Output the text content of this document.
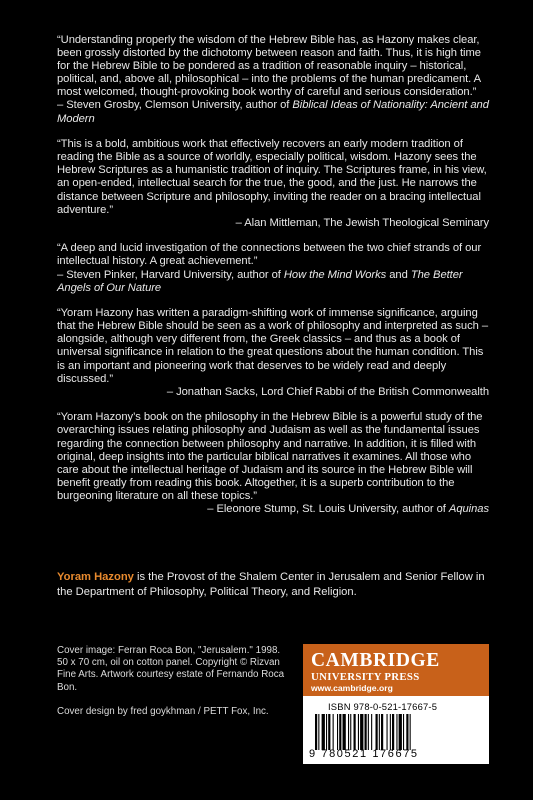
“Understanding properly the wisdom of the Hebrew Bible has, as Hazony makes clear, been grossly distorted by the dichotomy between reason and faith. Thus, it is high time for the Hebrew Bible to be pondered as a tradition of reasonable inquiry – historical, political, and, above all, philosophical – into the problems of the human predicament. A most welcomed, thought-provoking book worthy of careful and serious consideration.”

– Steven Grosby, Clemson University, author of Biblical Ideas of Nationality: Ancient and Modern

“This is a bold, ambitious work that effectively recovers an early modern tradition of reading the Bible as a source of worldly, especially political, wisdom. Hazony sees the Hebrew Scriptures as a humanistic tradition of inquiry. The Scriptures frame, in his view, an open-ended, intellectual search for the true, the good, and the just. He narrows the distance between Scripture and philosophy, inviting the reader on a bracing intellectual adventure.”

– Alan Mittleman, The Jewish Theological Seminary

“A deep and lucid investigation of the connections between the two chief strands of our intellectual history. A great achievement.”

– Steven Pinker, Harvard University, author of How the Mind Works and The Better Angels of Our Nature

“Yoram Hazony has written a paradigm-shifting work of immense significance, arguing that the Hebrew Bible should be seen as a work of philosophy and interpreted as such – alongside, although very different from, the Greek classics – and thus as a book of universal significance in relation to the great questions about the human condition. This is an important and pioneering work that deserves to be widely read and deeply discussed.”

– Jonathan Sacks, Lord Chief Rabbi of the British Commonwealth

“Yoram Hazony’s book on the philosophy in the Hebrew Bible is a powerful study of the overarching issues relating philosophy and Judaism as well as the fundamental issues regarding the connection between philosophy and narrative. In addition, it is filled with original, deep insights into the particular biblical narratives it examines. All those who care about the intellectual heritage of Judaism and its source in the Hebrew Bible will benefit greatly from reading this book. Altogether, it is a superb contribution to the burgeoning literature on all these topics.”

– Eleonore Stump, St. Louis University, author of Aquinas

Yoram Hazony is the Provost of the Shalem Center in Jerusalem and Senior Fellow in the Department of Philosophy, Political Theory, and Religion.

Cover image: Ferran Roca Bon, "Jerusalem." 1998. 50 x 70 cm, oil on cotton panel. Copyright © Rizvan Fine Arts. Artwork courtesy estate of Fernando Roca Bon.

Cover design by fred goykhman / PETT Fox, Inc.

CAMBRIDGE
UNIVERSITY PRESS
www.cambridge.org
ISBN 978-0-521-17667-5
9 780521 176675
